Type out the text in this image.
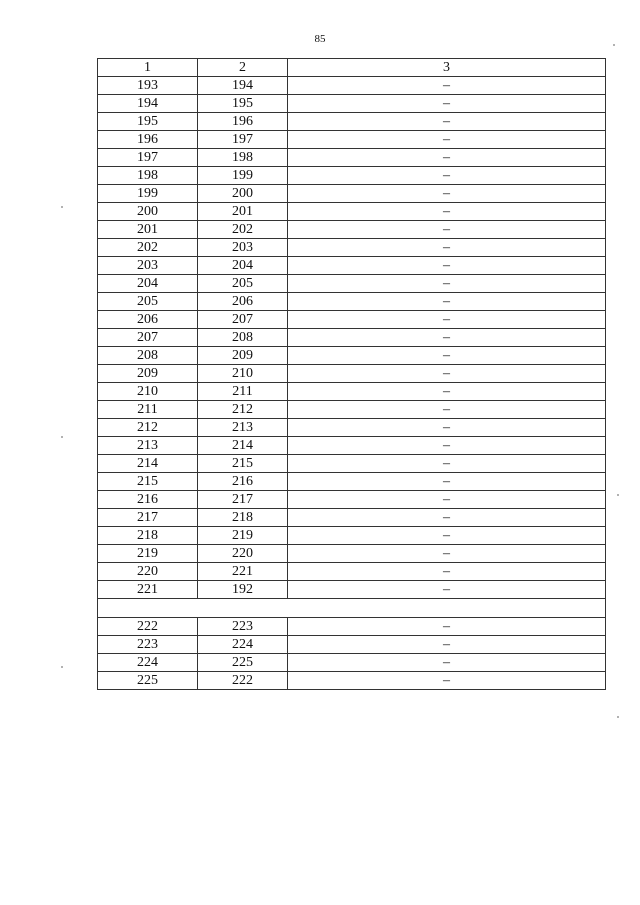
85
1	2	3
193	194	–
194	195	–
195	196	–
196	197	–
197	198	–
198	199	–
199	200	–
200	201	–
201	202	–
202	203	–
203	204	–
204	205	–
205	206	–
206	207	–
207	208	–
208	209	–
209	210	–
210	211	–
211	212	–
212	213	–
213	214	–
214	215	–
215	216	–
216	217	–
217	218	–
218	219	–
219	220	–
220	221	–
221	192	–

222	223	–
223	224	–
224	225	–
225	222	–
